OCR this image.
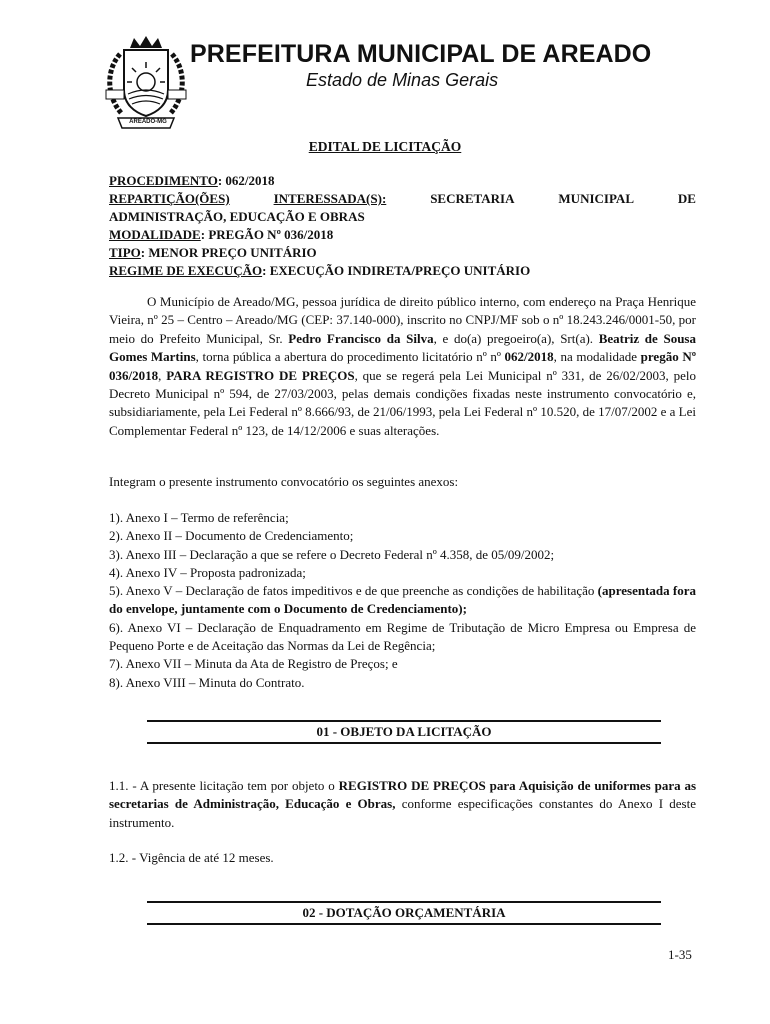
AREADO-MG
PREFEITURA MUNICIPAL DE AREADO
Estado de Minas Gerais
EDITAL DE LICITAÇÃO
PROCEDIMENTO: 062/2018
REPARTIÇÃO(ÕES)	INTERESSADA(S):	SECRETARIA	MUNICIPAL	DE
ADMINISTRAÇÃO, EDUCAÇÃO E OBRAS
MODALIDADE: PREGÃO Nº 036/2018
TIPO: MENOR PREÇO UNITÁRIO
REGIME DE EXECUÇÃO: EXECUÇÃO INDIRETA/PREÇO UNITÁRIO

O Município de Areado/MG, pessoa jurídica de direito público interno, com endereço na Praça Henrique Vieira, nº 25 – Centro – Areado/MG (CEP: 37.140-000), inscrito no CNPJ/MF sob o nº 18.243.246/0001-50, por meio do Prefeito Municipal, Sr. Pedro Francisco da Silva, e do(a) pregoeiro(a), Srt(a). Beatriz de Sousa Gomes Martins, torna pública a abertura do procedimento licitatório nº nº 062/2018, na modalidade pregão Nº 036/2018, PARA REGISTRO DE PREÇOS, que se regerá pela Lei Municipal nº 331, de 26/02/2003, pelo Decreto Municipal nº 594, de 27/03/2003, pelas demais condições fixadas neste instrumento convocatório e, subsidiariamente, pela Lei Federal nº 8.666/93, de 21/06/1993, pela Lei Federal nº 10.520, de 17/07/2002 e a Lei Complementar Federal nº 123, de 14/12/2006 e suas alterações.

Integram o presente instrumento convocatório os seguintes anexos:
1). Anexo I – Termo de referência;
2). Anexo II – Documento de Credenciamento;
3). Anexo III – Declaração a que se refere o Decreto Federal nº 4.358, de 05/09/2002;
4). Anexo IV – Proposta padronizada;
5). Anexo V – Declaração de fatos impeditivos e de que preenche as condições de habilitação (apresentada fora do envelope, juntamente com o Documento de Credenciamento);
6). Anexo VI – Declaração de Enquadramento em Regime de Tributação de Micro Empresa ou Empresa de Pequeno Porte e de Aceitação das Normas da Lei de Regência;
7). Anexo VII – Minuta da Ata de Registro de Preços; e
8). Anexo VIII – Minuta do Contrato.
01 - OBJETO DA LICITAÇÃO

1.1. - A presente licitação tem por objeto o REGISTRO DE PREÇOS para Aquisição de uniformes para as secretarias de Administração, Educação e Obras, conforme especificações constantes do Anexo I deste instrumento.

1.2. - Vigência de até 12 meses.
02 - DOTAÇÃO ORÇAMENTÁRIA
1-35
